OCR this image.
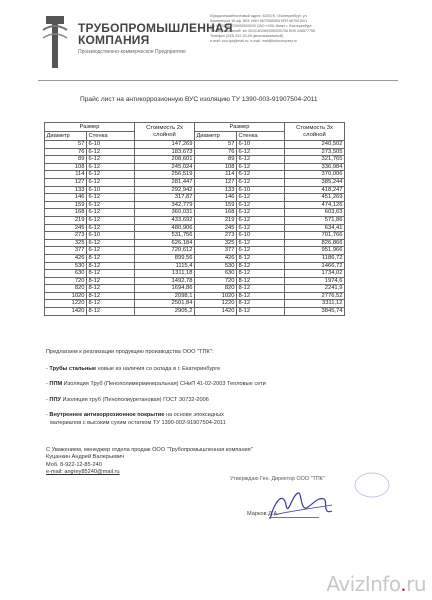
ТРУБОПРОМЫШЛЕННАЯ
КОМПАНИЯ
Производственно-коммерческое Предприятие
Юридический/почтовый адрес: 620078, г.Екатеринбург, ул.
Коминтерна 16 оф. 803; ИНН 6670360554 КПП 667001001
р/с 40702810700000003040 ОАО «СКБ-банк» г. Екатеринбург
"Кливерт-Василий" к/с 30101810800000000756 БИК 046577756
Телефон (343) 222-26-49 (многоканальный)
e-mail: ooo-tpk@mail.ru; e-mail: mail@trubcompany.ru
Прайс лист на антикоррозионную ВУС изоляцию ТУ 1390-003-91907504-2011
Размер		Стоимость 2х слойной	Размер		Стоимость 3х слойной
Диаметр	Стенка		Диаметр	Стенка	
57	6-10	147,269	57	6-10	240,502
76	6-12	183,673	76	6-12	273,505
89	6-12	208,601	89	6-12	321,765
108	6-12	245,024	108	6-12	336,984
114	6-12	256,519	114	6-12	370,006
127	6-12	281,447	127	6-12	385,244
133	6-10	292,942	133	6-10	418,247
146	6-12	317,87	146	6-12	451,269
159	6-12	342,779	159	6-12	474,126
168	6-12	360,031	168	6-12	603,63
219	6-12	433,692	219	6-12	571,86
245	6-12	480,906	245	6-12	634,41
273	6-10	531,756	273	6-10	701,766
325	6-12	626,184	325	6-12	826,866
377	6-12	720,612	377	6-12	951,966
426	8-12	899,56	426	8-12	1186,72
530	8-12	1115,4	530	8-12	1466,72
630	8-12	1311,18	630	8-12	1734,02
720	8-12	1492,78	720	8-12	1974,6
820	8-12	1694,86	820	8-12	2241,9
1020	8-12	2098,1	1020	8-12	2776,52
1220	8-12	2501,84	1220	8-12	3311,12
1420	8-12	2905,2	1420	8-12	3845,74
Предлагаем к реализации продукцию производства ООО "ТПК":
- Трубы стальные новые из наличия со склада в г. Екатеринбурге
- ППМ Изоляция Труб (Пенополимерминеральная) СНиП 41-02-2003 Тепловые сети
- ППУ Изоляция труб (Пенополиуретановая) ГОСТ 30732-2006
- Внутреннее антикоррозионное покрытие на основе эпоксидных
материалов с высоким сухим остатком ТУ 1390-002-91907504-2011
С Уважением, менеджер отдела продаж ООО "Трубопромышленная компания"
Куцанкин Андрей Валерьевич
Моб. 8-922-12-85-240
e-mail: angrey85240@mail.ru
Утверждаю Ген. Директор ООО "ТПК"
Марков Д.А.
AvizInfo.ru
